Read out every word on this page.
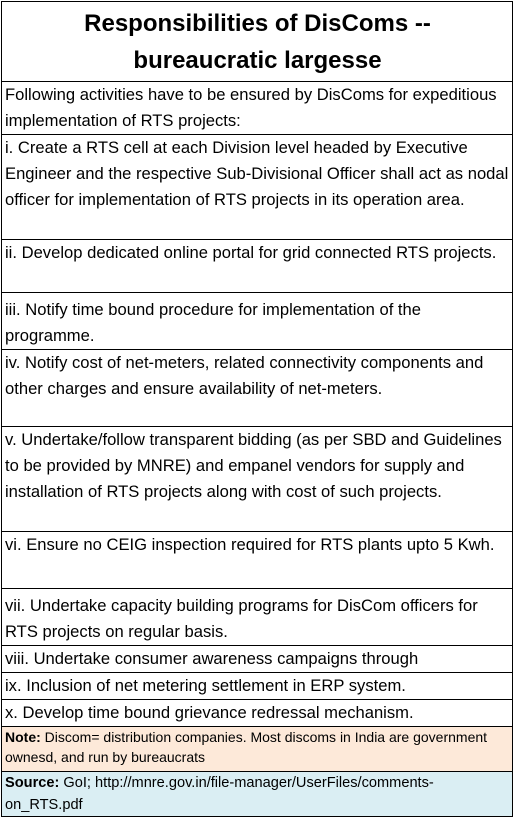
Responsibilities of DisComs --
bureaucratic largesse

Following activities have to be ensured by DisComs for expeditious implementation of RTS projects:
i. Create a RTS cell at each Division level headed by Executive Engineer and the respective Sub-Divisional Officer shall act as nodal officer for implementation of RTS projects in its operation area.
ii. Develop dedicated online portal for grid connected RTS projects.
iii. Notify time bound procedure for implementation of the programme.
iv. Notify cost of net-meters, related connectivity components and other charges and ensure availability of net-meters.
v. Undertake/follow transparent bidding (as per SBD and Guidelines to be provided by MNRE) and empanel vendors for supply and installation of RTS projects along with cost of such projects.
vi. Ensure no CEIG inspection required for RTS plants upto 5 Kwh.
vii. Undertake capacity building programs for DisCom officers for RTS projects on regular basis.
viii. Undertake consumer awareness campaigns through
ix. Inclusion of net metering settlement in ERP system.
x. Develop time bound grievance redressal mechanism.
Note: Discom= distribution companies. Most discoms in India are government ownesd, and run by bureaucrats
Source: GoI; http://mnre.gov.in/file-manager/UserFiles/comments-on_RTS.pdf
